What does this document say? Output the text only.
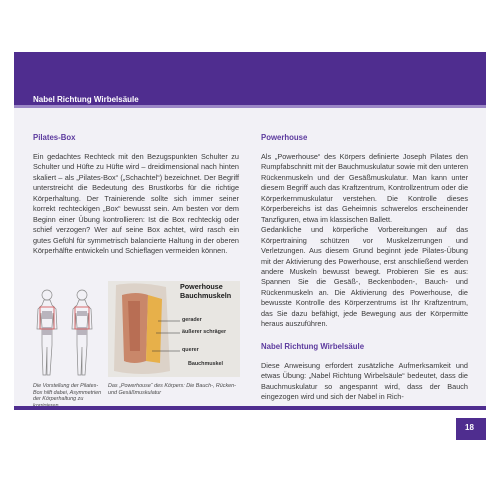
Nabel Richtung Wirbelsäule
Pilates-Box

Ein gedachtes Rechteck mit den Bezugspunkten Schulter zu Schulter und Hüfte zu Hüfte wird – dreidimensional nach hinten skaliert – als „Pilates-Box“ („Schachtel“) bezeichnet. Der Begriff unterstreicht die Bedeutung des Brustkorbs für die richtige Körperhaltung. Der Trainierende sollte sich immer seiner korrekt rechteckigen „Box“ bewusst sein. Am besten vor dem Beginn einer Übung kontrollieren: Ist die Box rechteckig oder schief verzogen? Wer auf seine Box achtet, wird rasch ein gutes Gefühl für symmetrisch balancierte Haltung in der oberen Körperhälfte entwickeln und Schieflagen vermeiden können.

Powerhouse
Bauchmuskeln
gerader
äußerer schräger
querer
Bauchmuskel
Die Vorstellung der Pilates-Box hilft dabei, Asymmetrien der Körperhaltung zu
Das „Powerhouse“ des Körpers: Die Bauch-, Rücken- und Gesäßmuskulatur
Powerhouse

Als „Powerhouse“ des Körpers definierte Joseph Pilates den Rumpfabschnitt mit der Bauchmuskulatur sowie mit den unteren Rückenmuskeln und der Gesäßmuskulatur. Man kann unter diesem Begriff auch das Kraftzentrum, Kontrollzentrum oder die Körperkernmuskulatur verstehen. Die Kontrolle dieses Körperbereichs ist das Geheimnis schwerelos erscheinender Tanzfiguren, etwa im klassischen Ballett.

Gedankliche und körperliche Vorbereitungen auf das Körpertraining schützen vor Muskelzerrungen und Verletzungen. Aus diesem Grund beginnt jede Pilates-Übung mit der Aktivierung des Powerhouse, erst anschließend werden andere Muskeln bewusst bewegt. Probieren Sie es aus: Spannen Sie die Gesäß-, Beckenboden-, Bauch- und Rückenmuskeln an. Die Aktivierung des Powerhouse, die bewusste Kontrolle des Körperzentrums ist Ihr Kraftzentrum, das Sie dazu befähigt, jede Bewegung aus der Körpermitte heraus auszuführen.

Nabel Richtung Wirbelsäule

Diese Anweisung erfordert zusätzliche Aufmerksamkeit und etwas Übung: „Nabel Richtung Wirbelsäule“ bedeutet, dass die Bauchmuskulatur so angespannt wird, dass der Bauch eingezogen wird und sich der Nabel in Rich-

18
